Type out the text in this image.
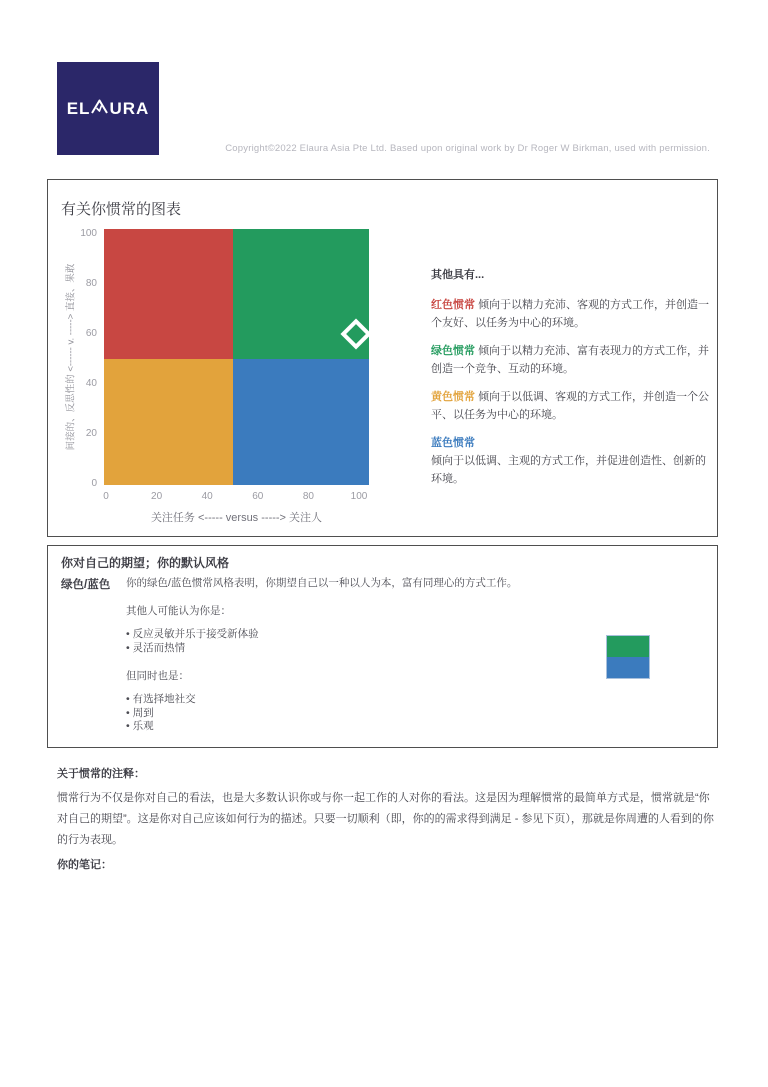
EL URA
Copyright©2022 Elaura Asia Pte Ltd. Based upon original work by Dr Roger W Birkman, used with permission.
有关你惯常的图表
0	20	40	60	80	100
0
20
40
60
80
100
关注任务 <----- versus -----> 关注人
间接的、反思性的 <------ v. -----> 直接、果敢	其他具有...

红色惯常 倾向于以精力充沛、客观的方式工作，并创造一个友好、以任务为中心的环境。

绿色惯常 倾向于以精力充沛、富有表现力的方式工作，并创造一个竞争、互动的环境。

黄色惯常 倾向于以低调、客观的方式工作，并创造一个公平、以任务为中心的环境。

蓝色惯常
倾向于以低调、主观的方式工作，并促进创造性、创新的环境。

你对自己的期望；你的默认风格
绿色/蓝色 你的绿色/蓝色惯常风格表明，你期望自己以一种以人为本，富有同理心的方式工作。

其他人可能认为你是：

• 反应灵敏并乐于接受新体验
• 灵活而热情

但同时也是：

• 有选择地社交
• 周到
• 乐观
关于惯常的注释：
惯常行为不仅是你对自己的看法，也是大多数认识你或与你一起工作的人对你的看法。这是因为理解惯常的最简单方式是，惯常就是“你对自己的期望”。这是你对自己应该如何行为的描述。只要一切顺利（即，你的的需求得到满足 - 参见下页），那就是你周遭的人看到的你的行为表现。
你的笔记：
